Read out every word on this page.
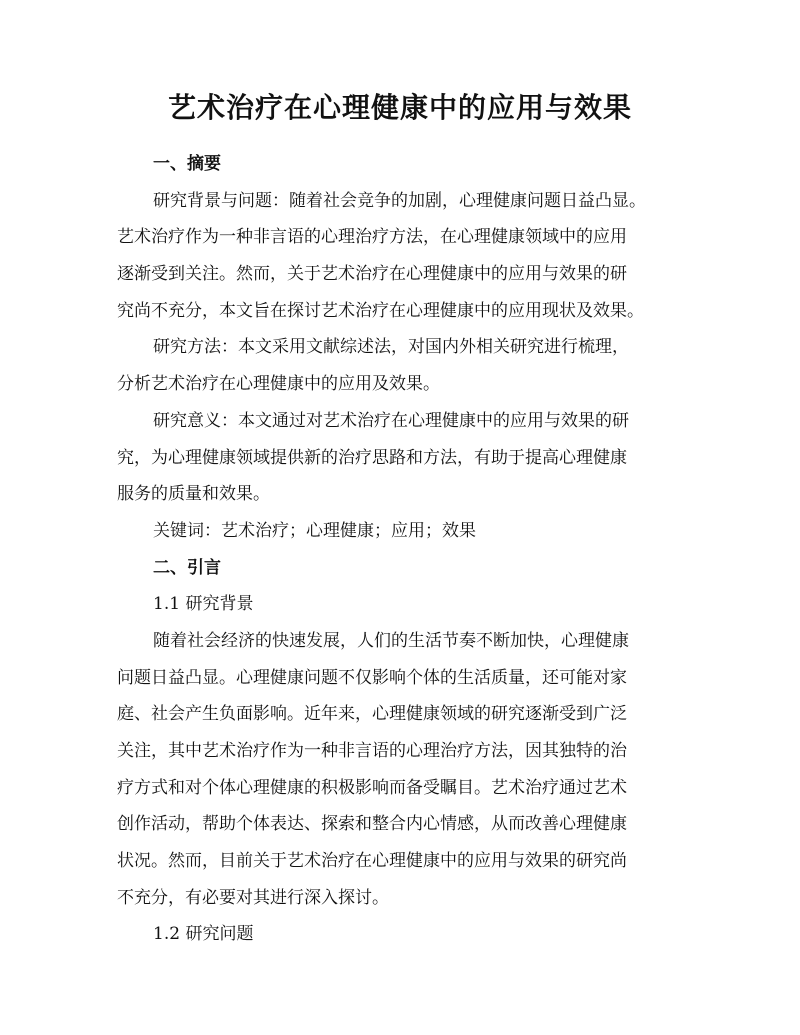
艺术治疗在心理健康中的应用与效果
一、摘要
研究背景与问题：随着社会竞争的加剧，心理健康问题日益凸显。
艺术治疗作为一种非言语的心理治疗方法，在心理健康领域中的应用
逐渐受到关注。然而，关于艺术治疗在心理健康中的应用与效果的研
究尚不充分，本文旨在探讨艺术治疗在心理健康中的应用现状及效果。
研究方法：本文采用文献综述法，对国内外相关研究进行梳理，
分析艺术治疗在心理健康中的应用及效果。
研究意义：本文通过对艺术治疗在心理健康中的应用与效果的研
究，为心理健康领域提供新的治疗思路和方法，有助于提高心理健康
服务的质量和效果。
关键词：艺术治疗；心理健康；应用；效果
二、引言
1.1 研究背景
随着社会经济的快速发展，人们的生活节奏不断加快，心理健康
问题日益凸显。心理健康问题不仅影响个体的生活质量，还可能对家
庭、社会产生负面影响。近年来，心理健康领域的研究逐渐受到广泛
关注，其中艺术治疗作为一种非言语的心理治疗方法，因其独特的治
疗方式和对个体心理健康的积极影响而备受瞩目。艺术治疗通过艺术
创作活动，帮助个体表达、探索和整合内心情感，从而改善心理健康
状况。然而，目前关于艺术治疗在心理健康中的应用与效果的研究尚
不充分，有必要对其进行深入探讨。
1.2 研究问题
